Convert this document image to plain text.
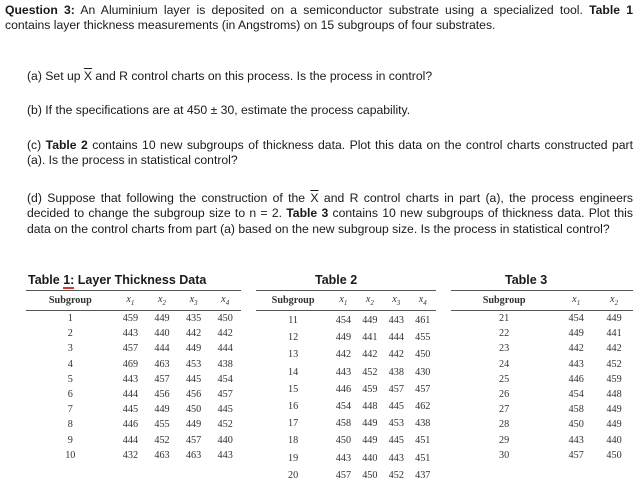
Question 3: An Aluminium layer is deposited on a semiconductor substrate using a specialized tool. Table 1 contains layer thickness measurements (in Angstroms) on 15 subgroups of four substrates.

(a) Set up $\overline{X}$ and R control charts on this process. Is the process in control?

(b) If the specifications are at 450 ± 30, estimate the process capability.

(c) Table 2 contains 10 new subgroups of thickness data. Plot this data on the control charts constructed part (a). Is the process in statistical control?

(d) Suppose that following the construction of the $\overline{X}$ and R control charts in part (a), the process engineers decided to change the subgroup size to n = 2. Table 3 contains 10 new subgroups of thickness data. Plot this data on the control charts from part (a) based on the new subgroup size. Is the process in statistical control?

Table 1: Layer Thickness Data	Table 2	Table 3
Subgroup	$x_1$	$x_2$	$x_3$	$x_4$
1	459	449	435	450
2	443	440	442	442
3	457	444	449	444
4	469	463	453	438
5	443	457	445	454
6	444	456	456	457
7	445	449	450	445
8	446	455	449	452
9	444	452	457	440
10	432	463	463	443
Subgroup	$x_1$	$x_2$	$x_3$	$x_4$
11	454	449	443	461
12	449	441	444	455
13	442	442	442	450
14	443	452	438	430
15	446	459	457	457
16	454	448	445	462
17	458	449	453	438
18	450	449	445	451
19	443	440	443	451
20	457	450	452	437
Subgroup	$x_1$	$x_2$
21	454	449
22	449	441
23	442	442
24	443	452
25	446	459
26	454	448
27	458	449
28	450	449
29	443	440
30	457	450
